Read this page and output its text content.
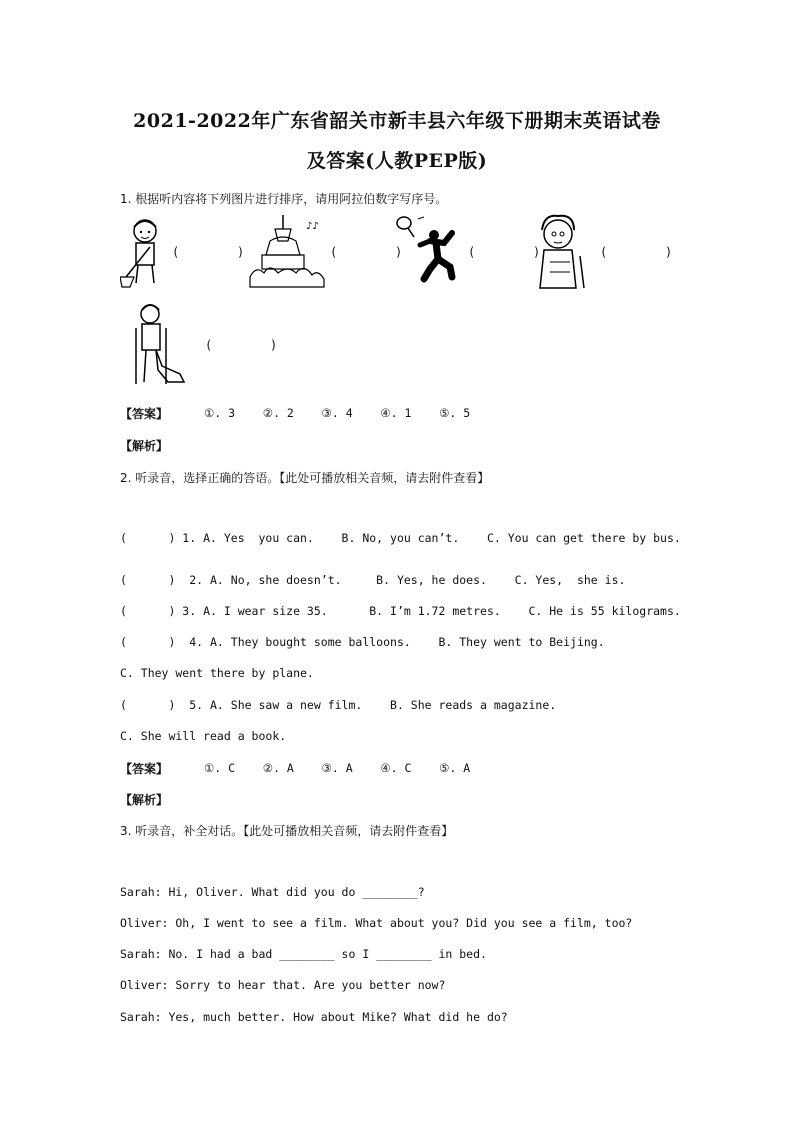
2021-2022年广东省韶关市新丰县六年级下册期末英语试卷
及答案(人教PEP版)
1. 根据听内容将下列图片进行排序，请用阿拉伯数字写序号。
(        )
♪♪
(        )	(        )	(        )
(        )
【答案】	①. 3    ②. 2    ③. 4    ④. 1    ⑤. 5
【解析】
2. 听录音，选择正确的答语。【此处可播放相关音频，请去附件查看】
(      ) 1. A. Yes  you can.    B. No, you can’t.    C. You can get there by bus.
(      )  2. A. No, she doesn’t.     B. Yes, he does.    C. Yes,  she is.
(      ) 3. A. I wear size 35.      B. I’m 1.72 metres.    C. He is 55 kilograms.
(      )  4. A. They bought some balloons.    B. They went to Beijing.
C. They went there by plane.
(      )  5. A. She saw a new film.    B. She reads a magazine.
C. She will read a book.
【答案】	①. C    ②. A    ③. A    ④. C    ⑤. A
【解析】
3. 听录音，补全对话。【此处可播放相关音频，请去附件查看】
Sarah: Hi, Oliver. What did you do ________?
Oliver: Oh, I went to see a film. What about you? Did you see a film, too?
Sarah: No. I had a bad ________ so I ________ in bed.
Oliver: Sorry to hear that. Are you better now?
Sarah: Yes, much better. How about Mike? What did he do?
